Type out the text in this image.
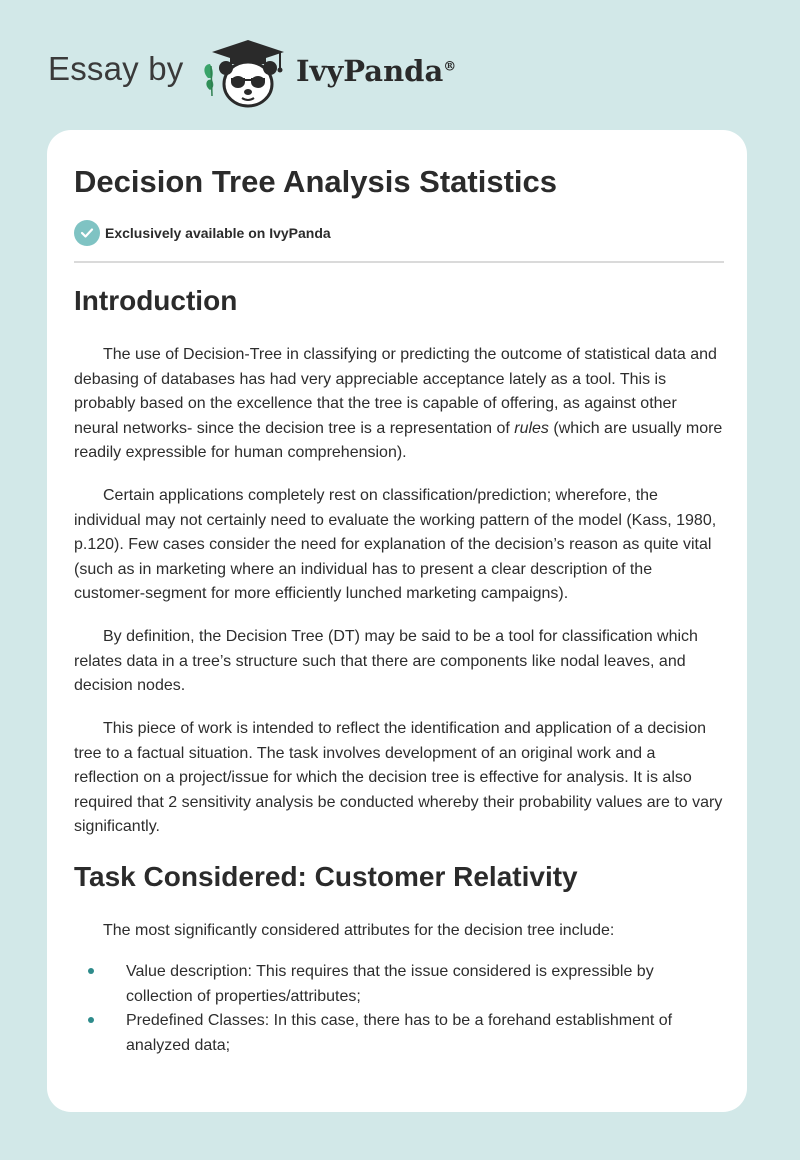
Essay by	IvyPanda®
Decision Tree Analysis Statistics
Exclusively available on IvyPanda
Introduction

The use of Decision-Tree in classifying or predicting the outcome of statistical data and debasing of databases has had very appreciable acceptance lately as a tool. This is probably based on the excellence that the tree is capable of offering, as against other neural networks- since the decision tree is a representation of rules (which are usually more readily expressible for human comprehension).

Certain applications completely rest on classification/prediction; wherefore, the individual may not certainly need to evaluate the working pattern of the model (Kass, 1980, p.120). Few cases consider the need for explanation of the decision’s reason as quite vital (such as in marketing where an individual has to present a clear description of the customer-segment for more efficiently lunched marketing campaigns).

By definition, the Decision Tree (DT) may be said to be a tool for classification which relates data in a tree’s structure such that there are components like nodal leaves, and decision nodes.

This piece of work is intended to reflect the identification and application of a decision tree to a factual situation. The task involves development of an original work and a reflection on a project/issue for which the decision tree is effective for analysis. It is also required that 2 sensitivity analysis be conducted whereby their probability values are to vary significantly.

Task Considered: Customer Relativity

The most significantly considered attributes for the decision tree include:

Value description: This requires that the issue considered is expressible by collection of properties/attributes;
Predefined Classes: In this case, there has to be a forehand establishment of analyzed data;
